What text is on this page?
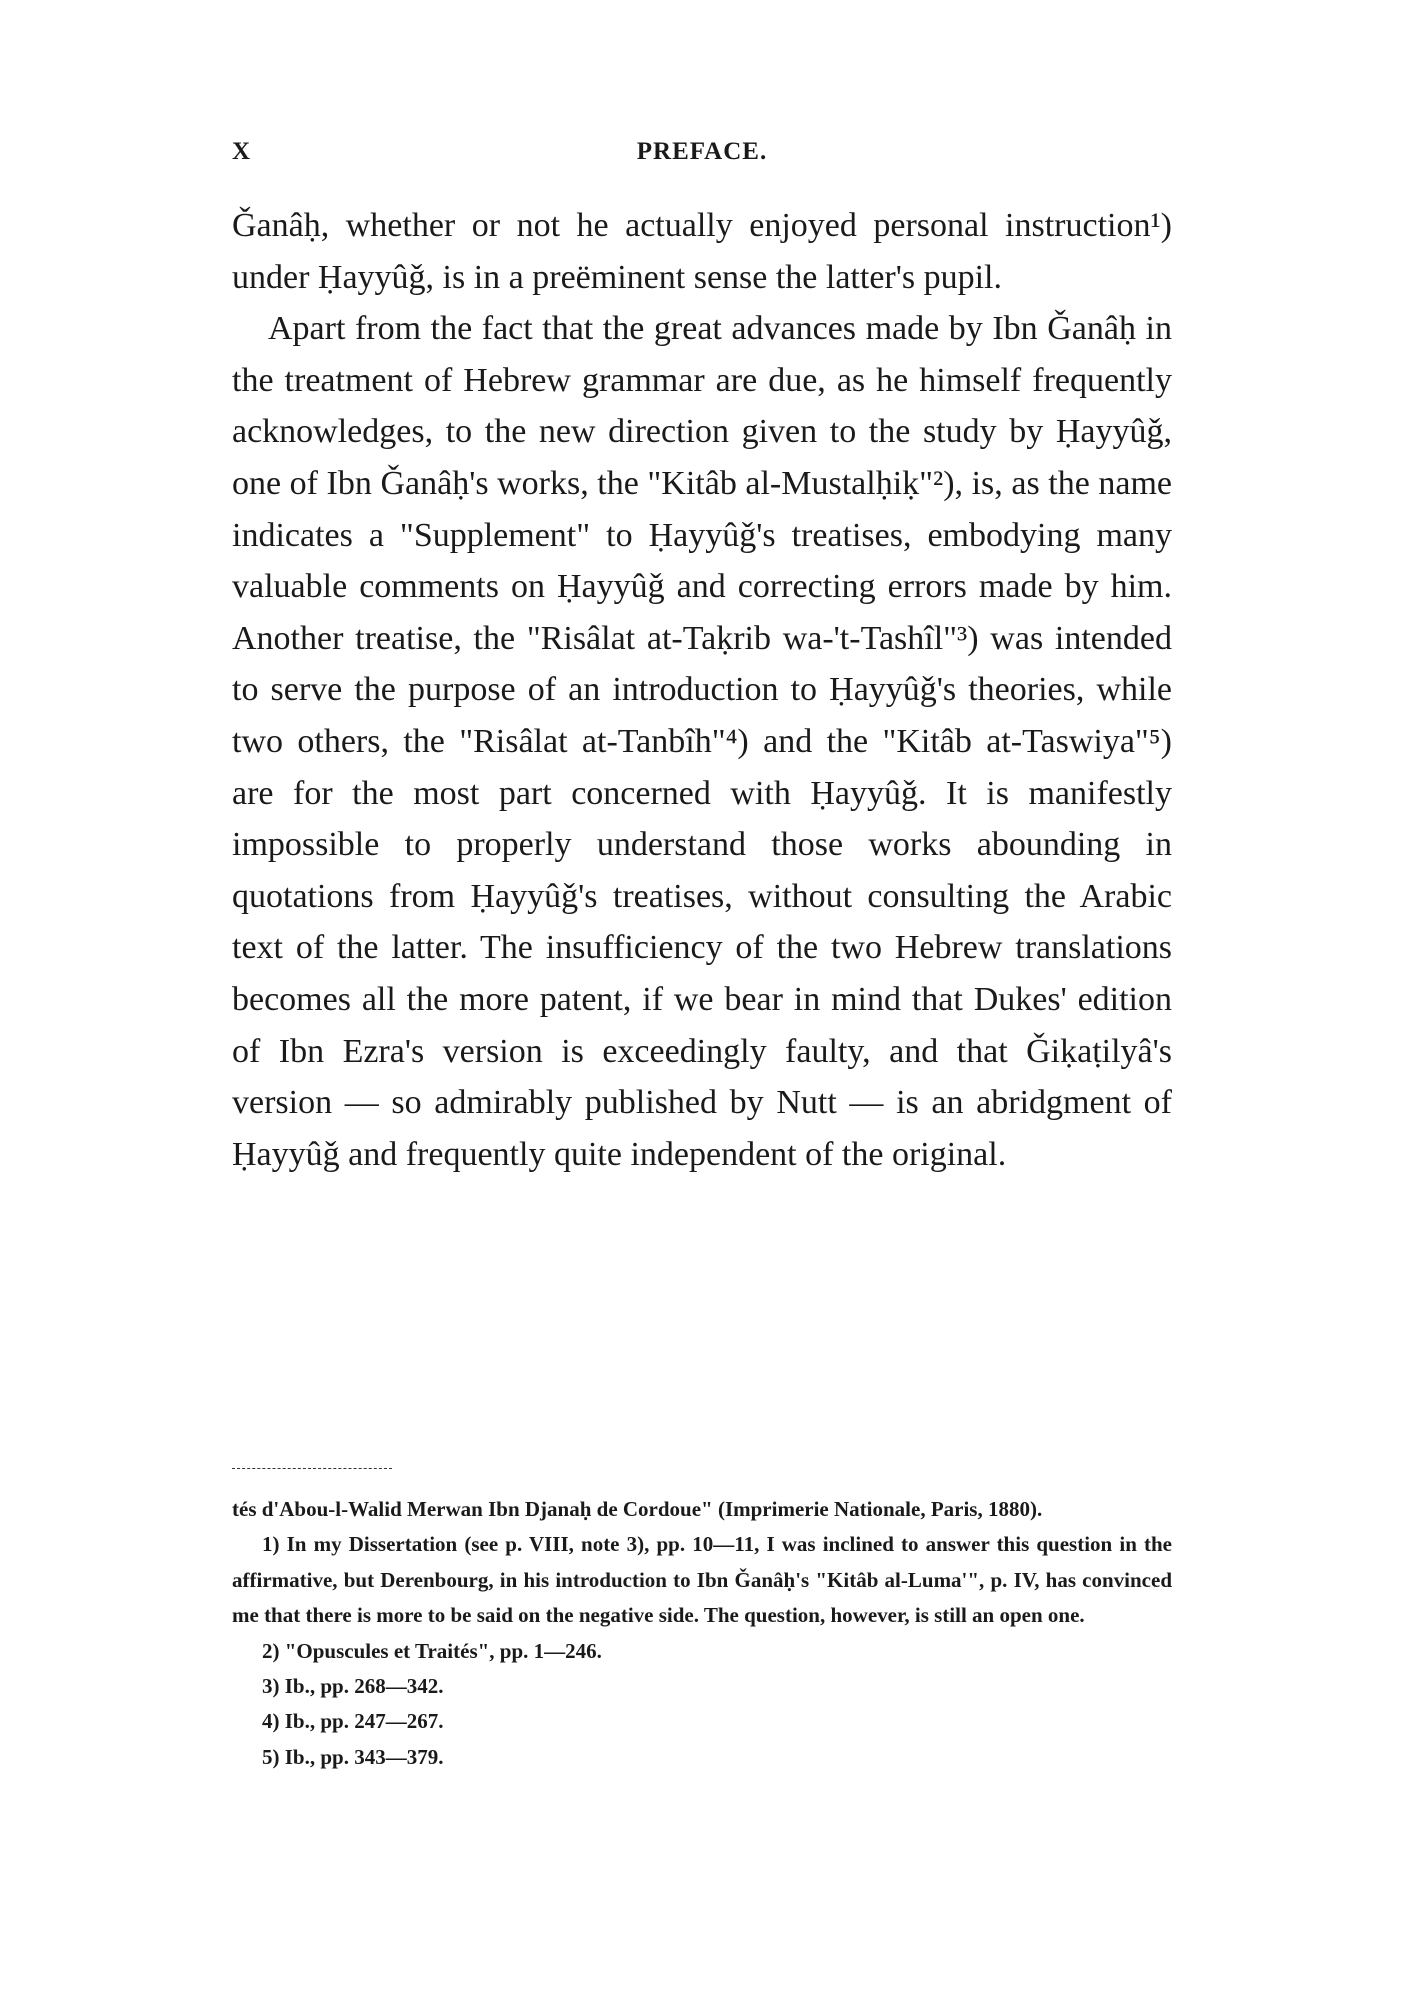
X	PREFACE.

Ǧanâḥ, whether or not he actually enjoyed personal instruction¹) under Ḥayyûǧ, is in a preëminent sense the latter's pupil.

Apart from the fact that the great advances made by Ibn Ǧanâḥ in the treatment of Hebrew grammar are due, as he himself frequently acknowledges, to the new direction given to the study by Ḥayyûǧ, one of Ibn Ǧanâḥ's works, the "Kitâb al-Mustalḥiḳ"²), is, as the name indicates a "Supplement" to Ḥayyûǧ's treatises, embodying many valuable comments on Ḥayyûǧ and correcting errors made by him. Another treatise, the "Risâlat at-Taḳrib wa-'t-Tashîl"³) was intended to serve the purpose of an introduction to Ḥayyûǧ's theories, while two others, the "Risâlat at-Tanbîh"⁴) and the "Kitâb at-Taswiya"⁵) are for the most part concerned with Ḥayyûǧ. It is manifestly impossible to properly understand those works abounding in quotations from Ḥayyûǧ's treatises, without consulting the Arabic text of the latter. The insufficiency of the two Hebrew translations becomes all the more patent, if we bear in mind that Dukes' edition of Ibn Ezra's version is exceedingly faulty, and that Ǧiḳaṭilyâ's version — so admirably published by Nutt — is an abridgment of Ḥayyûǧ and frequently quite independent of the original.

tés d'Abou-l-Walid Merwan Ibn Djanaḥ de Cordoue" (Imprimerie Nationale, Paris, 1880).

1) In my Dissertation (see p. VIII, note 3), pp. 10—11, I was inclined to answer this question in the affirmative, but Derenbourg, in his introduction to Ibn Ǧanâḥ's "Kitâb al-Luma'", p. IV, has convinced me that there is more to be said on the negative side. The question, however, is still an open one.

2) "Opuscules et Traités", pp. 1—246.

3) Ib., pp. 268—342.

4) Ib., pp. 247—267.

5) Ib., pp. 343—379.
